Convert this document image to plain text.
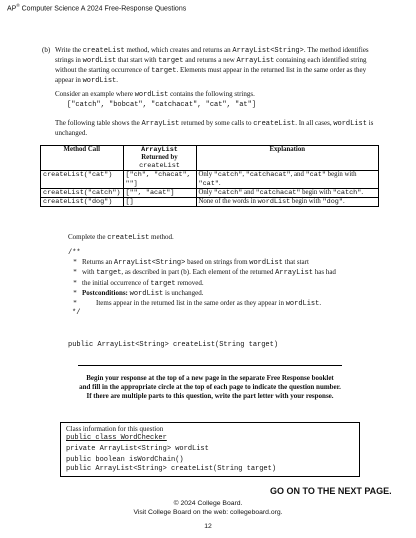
AP® Computer Science A 2024 Free-Response Questions
(b) Write the createList method, which creates and returns an ArrayList<String>. The method identifies strings in wordList that start with target and returns a new ArrayList containing each identified string without the starting occurrence of target. Elements must appear in the returned list in the same order as they appear in wordList.

Consider an example where wordList contains the following strings.

["catch", "bobcat", "catchacat", "cat", "at"]

The following table shows the ArrayList returned by some calls to createList. In all cases, wordList is unchanged.

Method Call	ArrayList
Returned by
createList	Explanation
createList("cat")	["ch", "chacat", ""]	Only "catch", "catchacat", and "cat" begin with "cat".
createList("catch")	["", "acat"]	Only "catch" and "catchacat" begin with "catch".
createList("dog")	[]	None of the words in wordList begin with "dog".

Complete the createList method.

/**
* Returns an ArrayList<String> based on strings from wordList that start
* with target, as described in part (b). Each element of the returned ArrayList has had
* the initial occurrence of target removed.
* Postconditions: wordList is unchanged.
*        Items appear in the returned list in the same order as they appear in wordList.
*/
public ArrayList<String> createList(String target)
Begin your response at the top of a new page in the separate Free Response booklet
and fill in the appropriate circle at the top of each page to indicate the question number.
If there are multiple parts to this question, write the part letter with your response.
Class information for this question
public class WordChecker
private ArrayList<String> wordList
public boolean isWordChain()
public ArrayList<String> createList(String target)
GO ON TO THE NEXT PAGE.
© 2024 College Board.
Visit College Board on the web: collegeboard.org.
12
